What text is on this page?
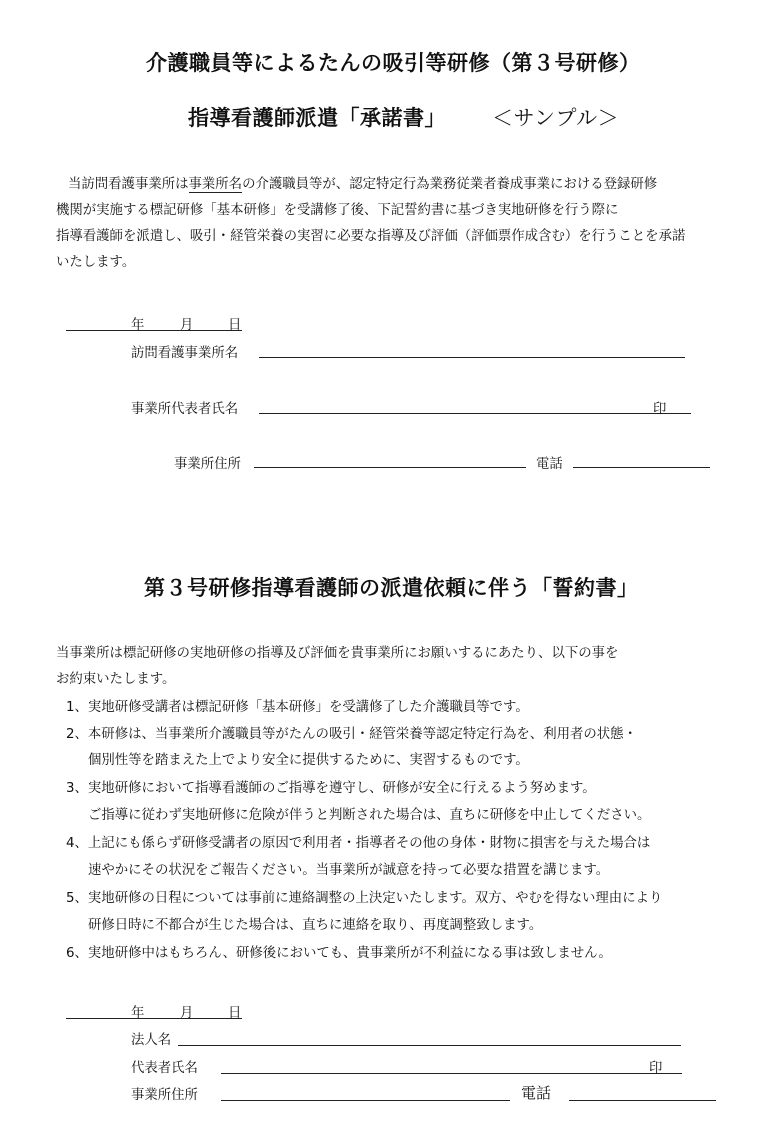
介護職員等によるたんの吸引等研修（第３号研修）
指導看護師派遣「承諾書」 ＜サンプル＞
当訪問看護事業所は事業所名の介護職員等が、認定特定行為業務従業者養成事業における登録研修
機関が実施する標記研修「基本研修」を受講修了後、下記誓約書に基づき実地研修を行う際に
指導看護師を派遣し、吸引・経管栄養の実習に必要な指導及び評価（評価票作成含む）を行うことを承諾
いたします。
年	月	日
訪問看護事業所名
事業所代表者氏名	印
事業所住所	電話
第３号研修指導看護師の派遣依頼に伴う「誓約書」
当事業所は標記研修の実地研修の指導及び評価を貴事業所にお願いするにあたり、以下の事を
お約束いたします。
1、実地研修受講者は標記研修「基本研修」を受講修了した介護職員等です。
2、本研修は、当事業所介護職員等がたんの吸引・経管栄養等認定特定行為を、利用者の状態・
個別性等を踏まえた上でより安全に提供するために、実習するものです。
3、実地研修において指導看護師のご指導を遵守し、研修が安全に行えるよう努めます。
ご指導に従わず実地研修に危険が伴うと判断された場合は、直ちに研修を中止してください。
4、上記にも係らず研修受講者の原因で利用者・指導者その他の身体・財物に損害を与えた場合は
速やかにその状況をご報告ください。当事業所が誠意を持って必要な措置を講じます。
5、実地研修の日程については事前に連絡調整の上決定いたします。双方、やむを得ない理由により
研修日時に不都合が生じた場合は、直ちに連絡を取り、再度調整致します。
6、実地研修中はもちろん、研修後においても、貴事業所が不利益になる事は致しません。
年	月	日
法人名
代表者氏名	印
事業所住所	電話
